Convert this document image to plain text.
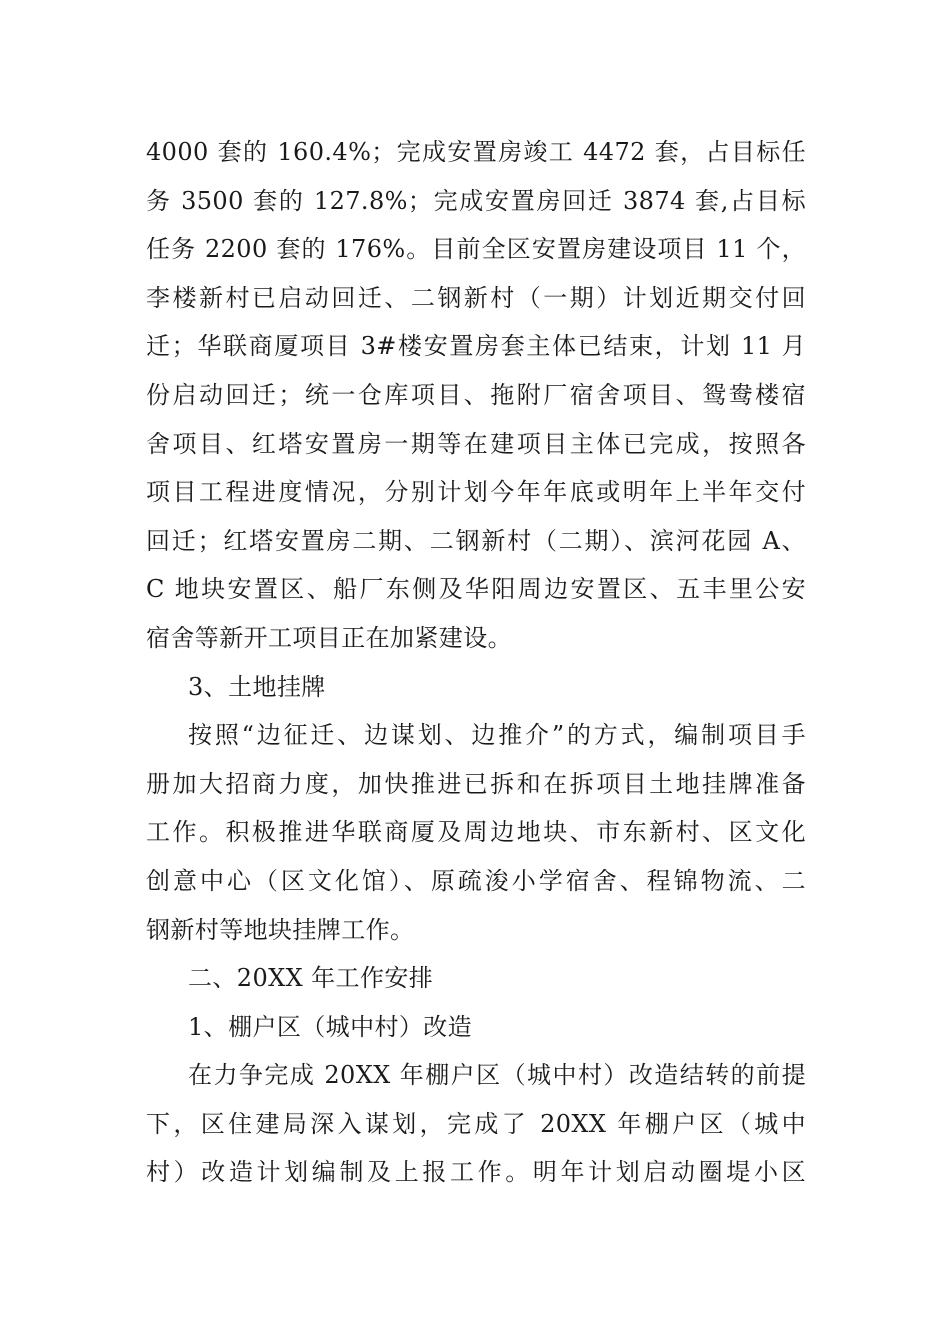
4000 套的 160.4%；完成安置房竣工 4472 套，占目标任
务 3500 套的 127.8%；完成安置房回迁 3874 套,占目标
任务 2200 套的 176%。目前全区安置房建设项目 11 个，
李楼新村已启动回迁、二钢新村（一期）计划近期交付回
迁；华联商厦项目 3#楼安置房套主体已结束，计划 11 月
份启动回迁；统一仓库项目、拖附厂宿舍项目、鸳鸯楼宿
舍项目、红塔安置房一期等在建项目主体已完成，按照各
项目工程进度情况，分别计划今年年底或明年上半年交付
回迁；红塔安置房二期、二钢新村（二期）、滨河花园 A、
C 地块安置区、船厂东侧及华阳周边安置区、五丰里公安
宿舍等新开工项目正在加紧建设。
3、土地挂牌
按照“边征迁、边谋划、边推介”的方式，编制项目手
册加大招商力度，加快推进已拆和在拆项目土地挂牌准备
工作。积极推进华联商厦及周边地块、市东新村、区文化
创意中心（区文化馆）、原疏浚小学宿舍、程锦物流、二
钢新村等地块挂牌工作。
二、20XX 年工作安排
1、棚户区（城中村）改造
在力争完成 20XX 年棚户区（城中村）改造结转的前提
下，区住建局深入谋划，完成了 20XX 年棚户区（城中
村）改造计划编制及上报工作。明年计划启动圈堤小区
